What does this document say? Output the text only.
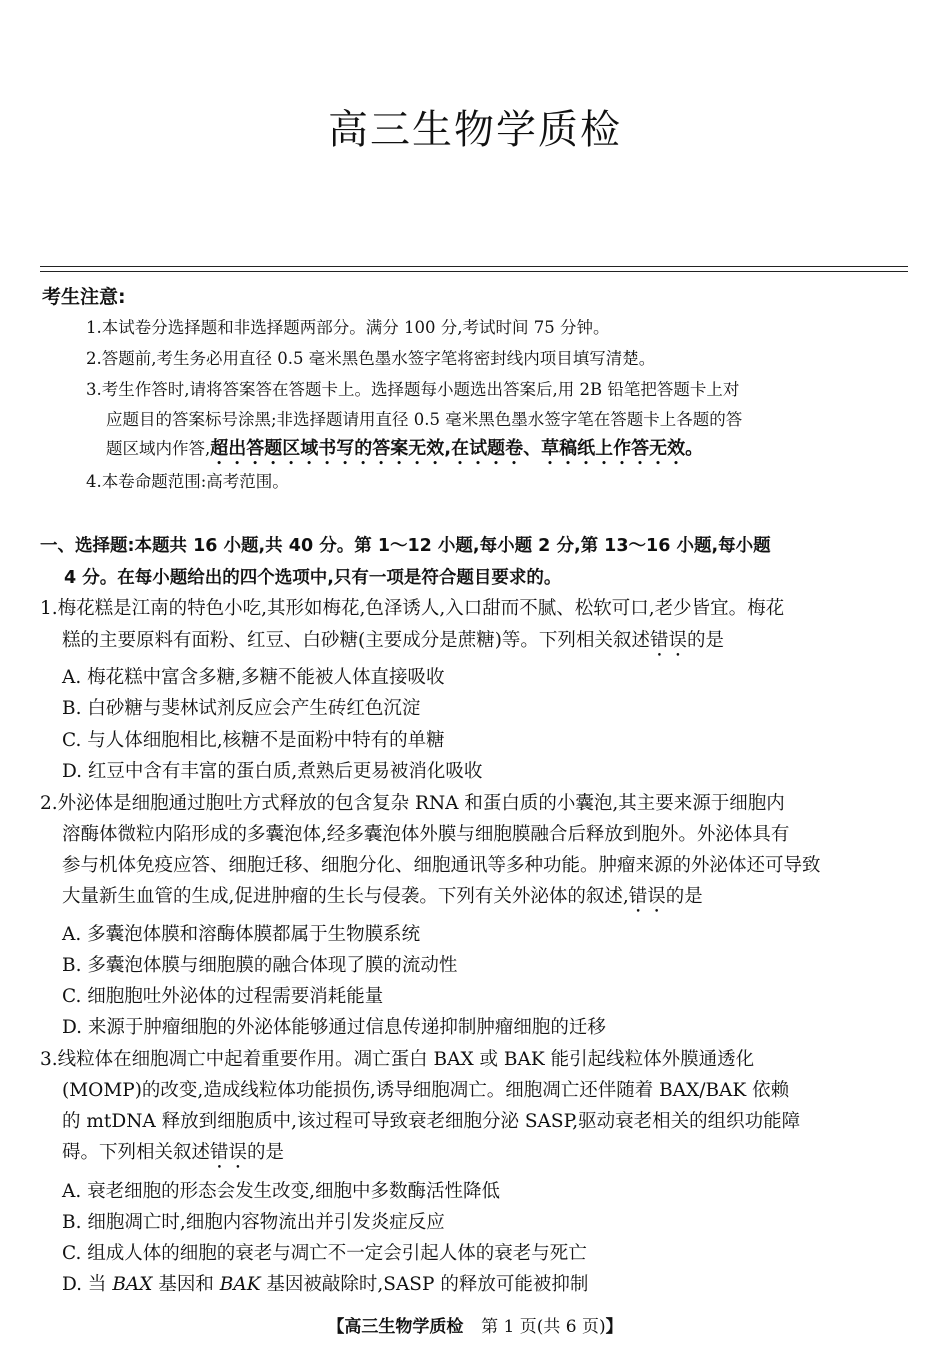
高三生物学质检
考生注意:
1.本试卷分选择题和非选择题两部分。满分 100 分,考试时间 75 分钟。
2.答题前,考生务必用直径 0.5 毫米黑色墨水签字笔将密封线内项目填写清楚。
3.考生作答时,请将答案答在答题卡上。选择题每小题选出答案后,用 2B 铅笔把答题卡上对
应题目的答案标号涂黑;非选择题请用直径 0.5 毫米黑色墨水签字笔在答题卡上各题的答
题区域内作答,超出答题区域书写的答案无效,在试题卷、草稿纸上作答无效。
4.本卷命题范围:高考范围。
一、选择题:本题共 16 小题,共 40 分。第 1～12 小题,每小题 2 分,第 13～16 小题,每小题
4 分。在每小题给出的四个选项中,只有一项是符合题目要求的。
1.梅花糕是江南的特色小吃,其形如梅花,色泽诱人,入口甜而不腻、松软可口,老少皆宜。梅花
糕的主要原料有面粉、红豆、白砂糖(主要成分是蔗糖)等。下列相关叙述错误的是
A. 梅花糕中富含多糖,多糖不能被人体直接吸收
B. 白砂糖与斐林试剂反应会产生砖红色沉淀
C. 与人体细胞相比,核糖不是面粉中特有的单糖
D. 红豆中含有丰富的蛋白质,煮熟后更易被消化吸收
2.外泌体是细胞通过胞吐方式释放的包含复杂 RNA 和蛋白质的小囊泡,其主要来源于细胞内
溶酶体微粒内陷形成的多囊泡体,经多囊泡体外膜与细胞膜融合后释放到胞外。外泌体具有
参与机体免疫应答、细胞迁移、细胞分化、细胞通讯等多种功能。肿瘤来源的外泌体还可导致
大量新生血管的生成,促进肿瘤的生长与侵袭。下列有关外泌体的叙述,错误的是
A. 多囊泡体膜和溶酶体膜都属于生物膜系统
B. 多囊泡体膜与细胞膜的融合体现了膜的流动性
C. 细胞胞吐外泌体的过程需要消耗能量
D. 来源于肿瘤细胞的外泌体能够通过信息传递抑制肿瘤细胞的迁移
3.线粒体在细胞凋亡中起着重要作用。凋亡蛋白 BAX 或 BAK 能引起线粒体外膜通透化
(MOMP)的改变,造成线粒体功能损伤,诱导细胞凋亡。细胞凋亡还伴随着 BAX/BAK 依赖
的 mtDNA 释放到细胞质中,该过程可导致衰老细胞分泌 SASP,驱动衰老相关的组织功能障
碍。下列相关叙述错误的是
A. 衰老细胞的形态会发生改变,细胞中多数酶活性降低
B. 细胞凋亡时,细胞内容物流出并引发炎症反应
C. 组成人体的细胞的衰老与凋亡不一定会引起人体的衰老与死亡
D. 当 BAX 基因和 BAK 基因被敲除时,SASP 的释放可能被抑制
【高三生物学质检 第 1 页(共 6 页)】
